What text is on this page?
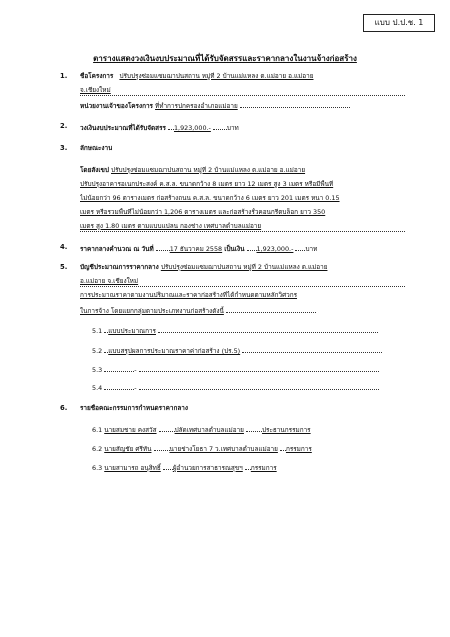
แบบ ป.ป.ช. 1
ตารางแสดงวงเงินงบประมาณที่ได้รับจัดสรรและราคากลางในงานจ้างก่อสร้าง
1. ชื่อโครงการ ปรับปรุงซ่อมแซมฌาปนสถาน หมู่ที่ 2 บ้านแม่แหลง ต.แม่อาย อ.แม่อาย
จ.เชียงใหม่
หน่วยงานเจ้าของโครงการ ที่ทำการปกครองอำเภอแม่อาย
2. วงเงินงบประมาณที่ได้รับจัดสรร 1,923,000.-	บาท
3. ลักษณะงาน
โดยสังเขป ปรับปรุงซ่อมแซมฌาปนสถาน หมู่ที่ 2 บ้านแม่แหลง ต.แม่อาย อ.แม่อาย
ปรับปรุงอาคารอเนกประสงค์ ค.ส.ล. ขนาดกว้าง 8 เมตร ยาว 12 เมตร สูง 3 เมตร หรือมีพื้นที่
ไม่น้อยกว่า 96 ตารางเมตร ก่อสร้างถนน ค.ส.ล. ขนาดกว้าง 6 เมตร ยาว 201 เมตร หนา 0.15
เมตร หรือรวมพื้นที่ไม่น้อยกว่า 1,206 ตารางเมตร และก่อสร้างรั้วคอนกรีตบล็อก ยาว 350
เมตร สูง 1.80 เมตร ตามแบบแปลน กองช่าง เทศบาลตำบลแม่อาย
4. ราคากลางคำนวณ ณ วันที่	17 ธันวาคม 2558 เป็นเงิน 1,923,000.- บาท
5. บัญชีประมาณการราคากลาง ปรับปรุงซ่อมแซมฌาปนสถาน หมู่ที่ 2 บ้านแม่แหลง ต.แม่อาย
อ.แม่อาย จ.เชียงใหม่
การประมาณราคาตามงานปริมาณและราคาก่อสร้างที่ได้กำหนดตามหลักวิศวกร
ในการจ้าง โดยแยกกลุ่มตามประเภทงานก่อสร้างดังนี้
5.1 แบบประมาณการ
5.2 แบบสรุปผลการประมาณราคาค่าก่อสร้าง (ปร.5)
5.3	-
5.4	-
6. รายชื่อคณะกรรมการกำหนดราคากลาง
6.1 นายสมชาย คงสวัส	ปลัดเทศบาลตำบลแม่อาย	ประธานกรรมการ
6.2 นายสัญชัย ศรีทัน	นายช่างโยธา 7 ว.เทศบาลตำบลแม่อาย กรรมการ
6.3 นายสามารถ อนุสิทธิ์ ผู้อำนวยการสาธารณสุขฯ กรรมการ
